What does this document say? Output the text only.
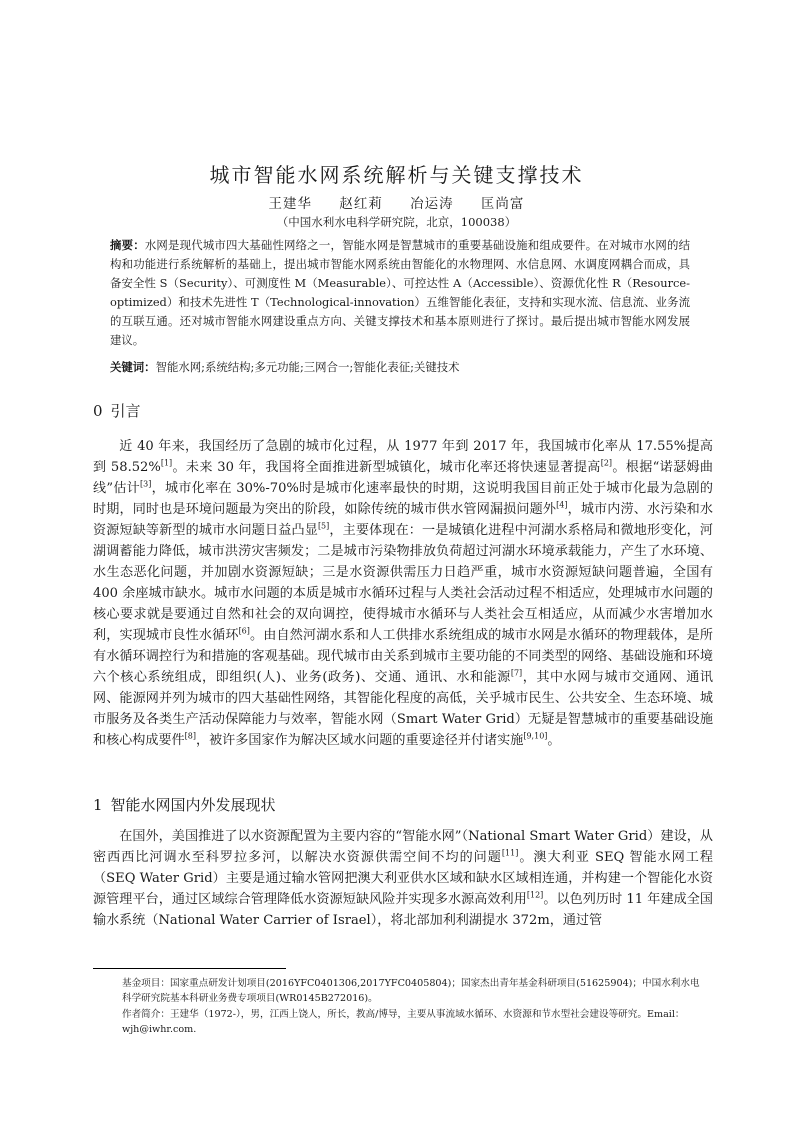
城市智能水网系统解析与关键支撑技术
王建华 赵红莉 冶运涛 匡尚富
（中国水利水电科学研究院，北京，100038）

摘要：水网是现代城市四大基础性网络之一，智能水网是智慧城市的重要基础设施和组成要件。在对城市水网的结构和功能进行系统解析的基础上，提出城市智能水网系统由智能化的水物理网、水信息网、水调度网耦合而成，具备安全性 S（Security）、可测度性 M（Measurable）、可控达性 A（Accessible）、资源优化性 R（Resource-optimized）和技术先进性 T（Technological-innovation）五维智能化表征，支持和实现水流、信息流、业务流的互联互通。还对城市智能水网建设重点方向、关键支撑技术和基本原则进行了探讨。最后提出城市智能水网发展建议。

关键词：智能水网;系统结构;多元功能;三网合一;智能化表征;关键技术

0 引言

近 40 年来，我国经历了急剧的城市化过程，从 1977 年到 2017 年，我国城市化率从 17.55%提高到 58.52%[1]。未来 30 年，我国将全面推进新型城镇化，城市化率还将快速显著提高[2]。根据“诺瑟姆曲线”估计[3]，城市化率在 30%-70%时是城市化速率最快的时期，这说明我国目前正处于城市化最为急剧的时期，同时也是环境问题最为突出的阶段，如除传统的城市供水管网漏损问题外[4]，城市内涝、水污染和水资源短缺等新型的城市水问题日益凸显[5]，主要体现在：一是城镇化进程中河湖水系格局和微地形变化，河湖调蓄能力降低，城市洪涝灾害频发；二是城市污染物排放负荷超过河湖水环境承载能力，产生了水环境、水生态恶化问题，并加剧水资源短缺；三是水资源供需压力日趋严重，城市水资源短缺问题普遍，全国有 400 余座城市缺水。城市水问题的本质是城市水循环过程与人类社会活动过程不相适应，处理城市水问题的核心要求就是要通过自然和社会的双向调控，使得城市水循环与人类社会互相适应，从而减少水害增加水利，实现城市良性水循环[6]。由自然河湖水系和人工供排水系统组成的城市水网是水循环的物理载体，是所有水循环调控行为和措施的客观基础。现代城市由关系到城市主要功能的不同类型的网络、基础设施和环境六个核心系统组成，即组织(人)、业务(政务)、交通、通讯、水和能源[7]，其中水网与城市交通网、通讯网、能源网并列为城市的四大基础性网络，其智能化程度的高低，关乎城市民生、公共安全、生态环境、城市服务及各类生产活动保障能力与效率，智能水网（Smart Water Grid）无疑是智慧城市的重要基础设施和核心构成要件[8]，被许多国家作为解决区域水问题的重要途径并付诸实施[9,10]。

1 智能水网国内外发展现状

在国外，美国推进了以水资源配置为主要内容的“智能水网”（National Smart Water Grid）建设，从密西西比河调水至科罗拉多河，以解决水资源供需空间不均的问题[11]。澳大利亚 SEQ 智能水网工程（SEQ Water Grid）主要是通过输水管网把澳大利亚供水区域和缺水区域相连通，并构建一个智能化水资源管理平台，通过区域综合管理降低水资源短缺风险并实现多水源高效利用[12]。以色列历时 11 年建成全国输水系统（National Water Carrier of Israel），将北部加利利湖提水 372m，通过管

基金项目：国家重点研发计划项目(2016YFC0401306,2017YFC0405804)；国家杰出青年基金科研项目(51625904)；中国水利水电科学研究院基本科研业务费专项项目(WR0145B272016)。

作者简介：王建华（1972-），男，江西上饶人，所长，教高/博导，主要从事流域水循环、水资源和节水型社会建设等研究。Email：wjh@iwhr.com.
